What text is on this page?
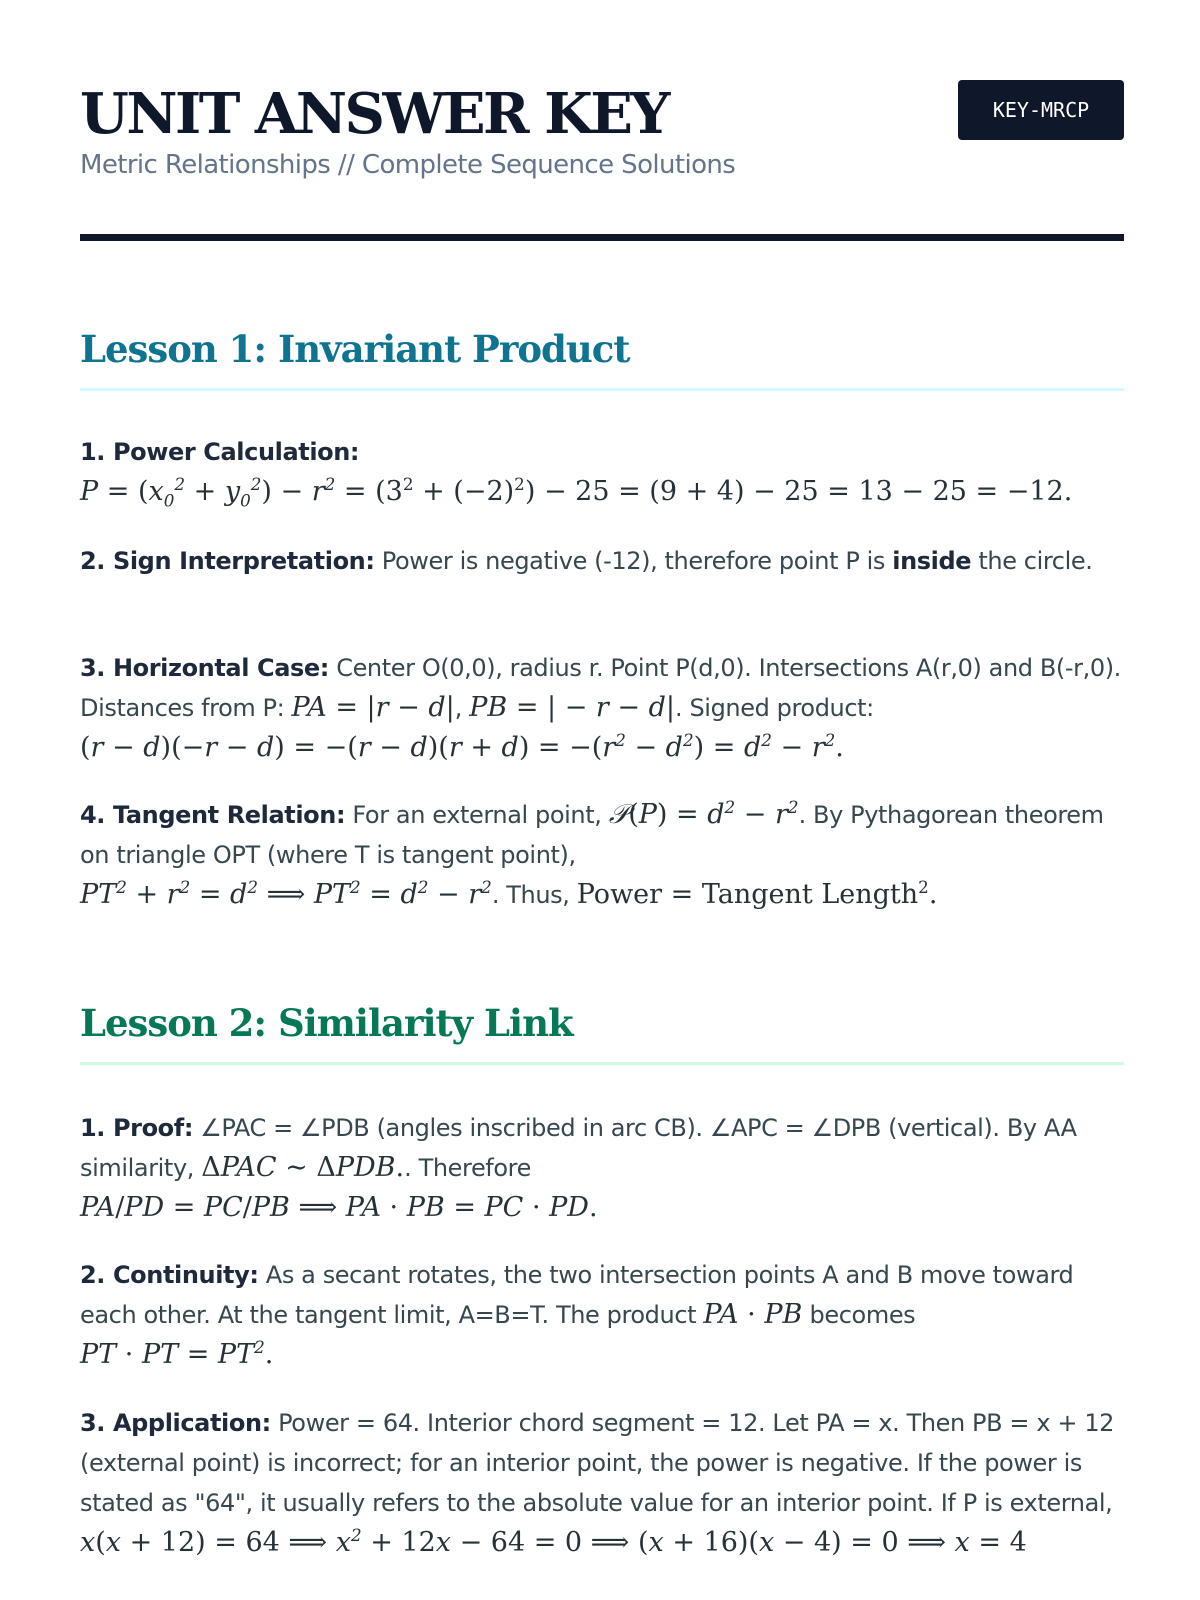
UNIT ANSWER KEY
Metric Relationships // Complete Sequence Solutions
KEY-MRCP
Lesson 1: Invariant Product

1. Power Calculation:
$P = (x_0^2 + y_0^2) - r^2 = (3^2 + (-2)^2) - 25 = (9 + 4) - 25 = 13 - 25 = -12$.

2. Sign Interpretation: Power is negative (-12), therefore point P is inside the circle.

3. Horizontal Case: Center O(0,0), radius r. Point P(d,0). Intersections A(r,0) and B(-r,0). Distances from P: PA = |r − d|, PB = | − r − d|. Signed product:
$(r - d)(-r - d) = -(r - d)(r + d) = -(r^2 - d^2) = d^2 - r^2$.

4. Tangent Relation: For an external point, 𝒫(P) = $d^2 - r^2$. By Pythagorean theorem on triangle OPT (where T is tangent point),
$PT^2 + r^2 = d^2$ ⟹ $PT^2 = d^2 - r^2$. Thus, Power = Tangent Length$^2$.

Lesson 2: Similarity Link

1. Proof: ∠PAC = ∠PDB (angles inscribed in arc CB). ∠APC = ∠DPB (vertical). By AA similarity, ΔPAC ∼ ΔPDB.. Therefore
PA/PD = PC/PB ⟹ PA · PB = PC · PD.

2. Continuity: As a secant rotates, the two intersection points A and B move toward each other. At the tangent limit, A=B=T. The product PA · PB becomes
PT · PT = $PT^2$.

3. Application: Power = 64. Interior chord segment = 12. Let PA = x. Then PB = x + 12 (external point) is incorrect; for an interior point, the power is negative. If the power is stated as "64", it usually refers to the absolute value for an interior point. If P is external,
x(x + 12) = 64 ⟹ $x^2 + 12x - 64 = 0$ ⟹ (x + 16)(x − 4) = 0 ⟹ x = 4
